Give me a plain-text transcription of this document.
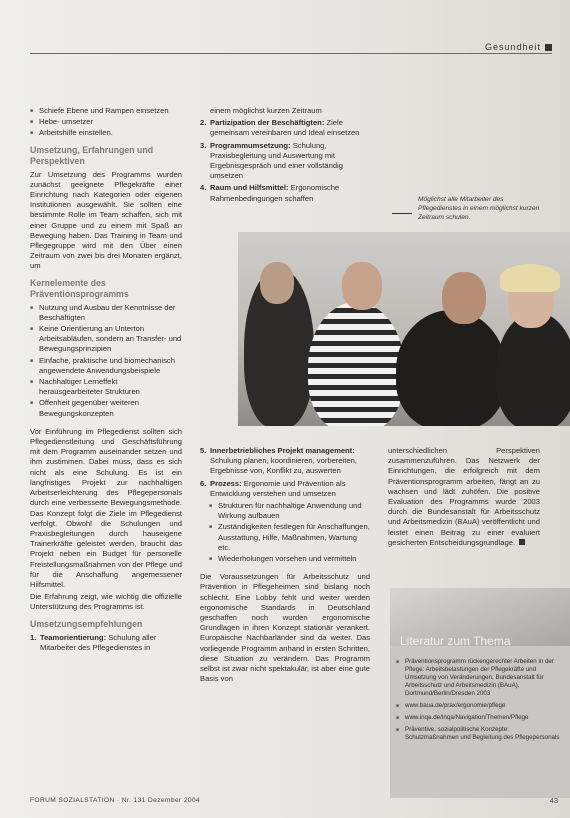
Gesundheit
■ Schiefe Ebene und Rampen einsetzen
■ Hebe- umsetzer
■ Arbeitshilfe einstellen.
Umsetzung, Erfahrungen und Perspektiven

Zur Umsetzung des Programms wurden zunächst geeignete Pflegekräfte einer Einrichtung nach Kategorien oder eigenen Institutionen ausgewählt. Sie sollten eine bestimmte Rolle im Team schaffen, sich mit einer Gruppe und zu einem mit Spaß an Bewegung haben. Das Training in Team und Pflegegruppe wird mit den Über einen Zeitraum von zwei bis drei Monaten ergänzt, um

Kernelemente des Präventionsprogramms
■ Nutzung und Ausbau der Kenntnisse der Beschäftigten
■ Keine Orientierung an Unterton Arbeitsabläufen, sondern an Transfer- und Bewegungsprinzipien
■ Einfache, praktische und biomechanisch angewendete Anwendungsbeispiele
■ Nachhaltiger Lerneffekt herausgearbeiteter Strukturen
■ Offenheit gegenüber weiteren Bewegungskonzepten

Vor Einführung im Pflegedienst sollten sich Pflegedienstleitung und Geschäftsführung mit dem Programm auseinander setzen und ihm zustimmen. Dabei muss, dass es sich nicht als eine Schulung. Es ist ein langfristiges Projekt zur nachhaltigen Arbeitserleichterung des Pflegepersonals durch eine verbesserte Bewegungsmethode. Das Konzept folgt die Ziele im Pflegedienst verfolgt. Obwohl die Schulungen und Praxisbegleitungen durch hauseigene Trainerkräfte geleistet werden, braucht das Projekt neben ein Budget für personelle Freistellungsmaßnahmen von der Pflege und für die Anschaffung angemessener Hilfsmittel.

Die Erfahrung zeigt, wie wichtig die offizielle Unterstützung des Programms ist.

Umsetzungsempfehlungen
1. Teamorientierung: Schulung aller Mitarbeiter des Pflegedienstes in

einem möglichst kurzen Zeitraum

2. Partizipation der Beschäftigten: Ziele gemeinsam vereinbaren und Ideal einsetzen
3. Programmumsetzung: Schulung, Praxisbegleitung und Auswertung mit Ergebnisgespräch und einer vollständig umsetzen
4. Raum und Hilfsmittel: Ergonomische Rahmenbedingungen schaffen	Möglichst alle Mitarbeiter des Pflegedienstes in einem möglichst kurzen Zeitraum schulen.
5. Innerbetriebliches Projekt management: Schulung planen, koordinieren, vorbereiten, Ergebnisse von, Konflikt zu, auswerten
6. Prozess: Ergonomie und Prävention als Entwicklung verstehen und umsetzen
■ Strukturen für nachhaltige Anwendung und Wirkung aufbauen
■ Zuständigkeiten festlegen für Anschaffungen, Ausstattung, Hilfe, Maßnahmen, Wartung etc.
■ Wiederholungen vorsehen und vermitteln

Die Voraussetzungen für Arbeitsschutz und Prävention in Pflegeheimen sind bislang noch schlecht. Eine Lobby fehlt und weiter werden ergonomische Standards in Deutschland geschaffen noch wurden ergonomische Grundlagen in ihren Konzept stationär verankert. Europäische Nachbarländer sind da weiter. Das vorliegende Programm anhand in ersten Schritten, diese Situation zu verändern. Das Programm selbst ist zwar nicht spektakulär, ist aber eine gute Basis von

unterschiedlichen Perspektiven zusammenzuführen. Das Netzwerk der Einrichtungen, die erfolgreich mit dem Präventionsprogramm arbeiten, fängt an zu wachsen und lädt zuhöfen. Die positive Evaluation des Programms wurde 2003 durch die Bundesanstalt für Arbeitsschutz und Arbeitsmedizin (BAuA) veröffentlicht und leistet einen Beitrag zu einer evaluiert gesicherten Entscheidungsgrundlage.

Literatur zum Thema
■ Präventionsprogramm rückengerechter Arbeiten in der Pflege: Arbeitsbelastungen der Pflegekräfte und Umsetzung von Veränderungen, Bundesanstalt für Arbeitsschutz und Arbeitsmedizin (BAuA), Dortmund/Berlin/Dresden 2003
■ www.baua.de/prax/ergonomie/pflege
■ www.inqa.de/Inqa/Navigation/Themen/Pflege
■ Präventive, sozialpolitische Konzepte: Schutzmaßnahmen und Begleitung des Pflegepersonals
FORUM SOZIALSTATION · Nr. 131 Dezember 2004	43
